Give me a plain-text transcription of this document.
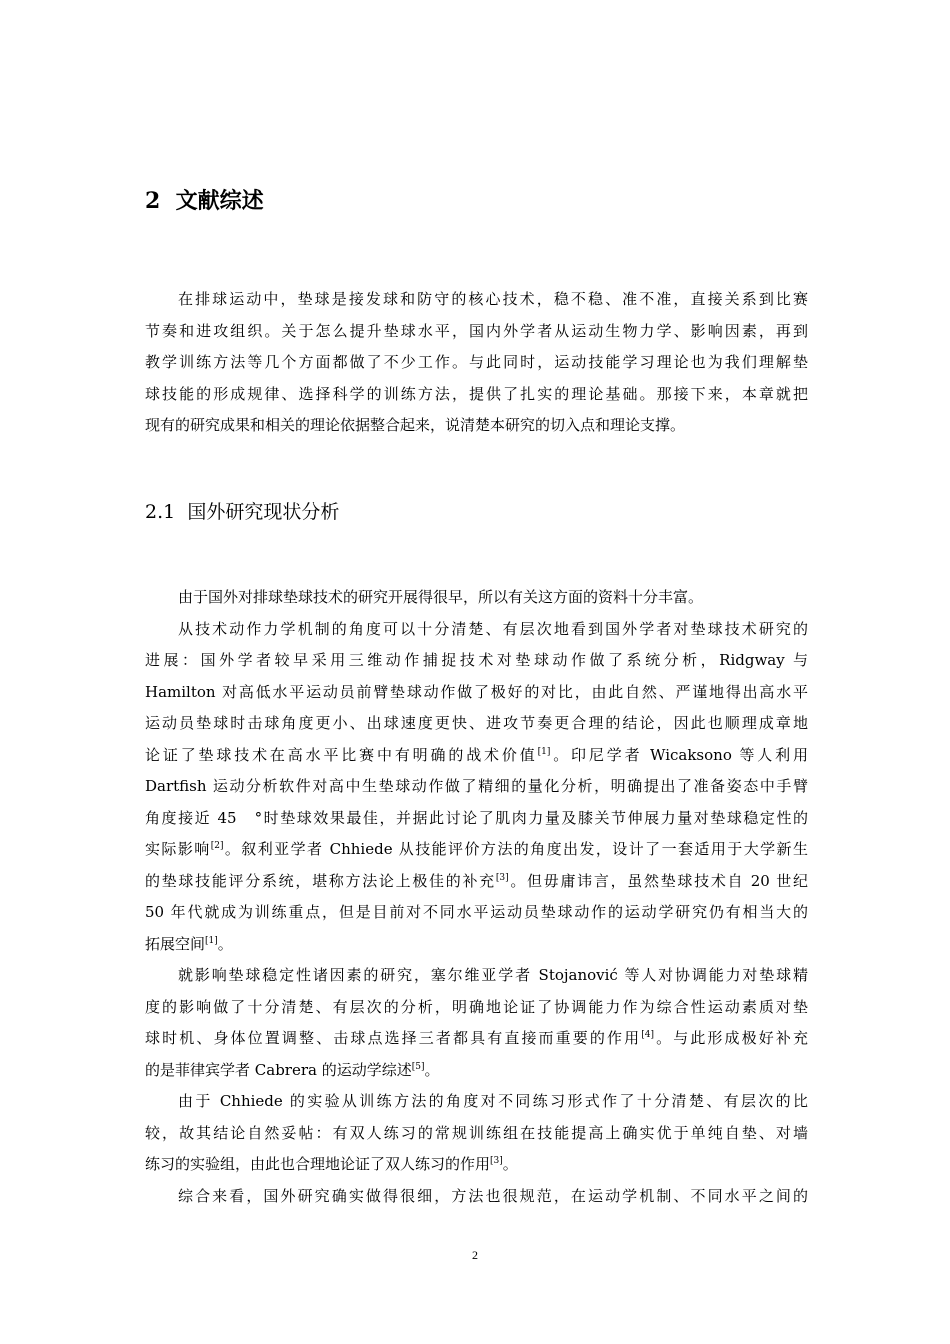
2 文献综述
在排球运动中，垫球是接发球和防守的核心技术，稳不稳、准不准，直接关系到比赛
节奏和进攻组织。关于怎么提升垫球水平，国内外学者从运动生物力学、影响因素，再到
教学训练方法等几个方面都做了不少工作。与此同时，运动技能学习理论也为我们理解垫
球技能的形成规律、选择科学的训练方法，提供了扎实的理论基础。那接下来，本章就把
现有的研究成果和相关的理论依据整合起来，说清楚本研究的切入点和理论支撑。
2.1 国外研究现状分析
由于国外对排球垫球技术的研究开展得很早，所以有关这方面的资料十分丰富。
从技术动作力学机制的角度可以十分清楚、有层次地看到国外学者对垫球技术研究的
进展：国外学者较早采用三维动作捕捉技术对垫球动作做了系统分析，Ridgway 与
Hamilton 对高低水平运动员前臂垫球动作做了极好的对比，由此自然、严谨地得出高水平
运动员垫球时击球角度更小、出球速度更快、进攻节奏更合理的结论，因此也顺理成章地
论证了垫球技术在高水平比赛中有明确的战术价值[1]。印尼学者 Wicaksono 等人利用
Dartfish 运动分析软件对高中生垫球动作做了精细的量化分析，明确提出了准备姿态中手臂
角度接近 45　°时垫球效果最佳，并据此讨论了肌肉力量及膝关节伸展力量对垫球稳定性的
实际影响[2]。叙利亚学者 Chhiede 从技能评价方法的角度出发，设计了一套适用于大学新生
的垫球技能评分系统，堪称方法论上极佳的补充[3]。但毋庸讳言，虽然垫球技术自 20 世纪
50 年代就成为训练重点，但是目前对不同水平运动员垫球动作的运动学研究仍有相当大的
拓展空间[1]。
就影响垫球稳定性诸因素的研究，塞尔维亚学者 Stojanović 等人对协调能力对垫球精
度的影响做了十分清楚、有层次的分析，明确地论证了协调能力作为综合性运动素质对垫
球时机、身体位置调整、击球点选择三者都具有直接而重要的作用[4]。与此形成极好补充
的是菲律宾学者 Cabrera 的运动学综述[5]。
由于 Chhiede 的实验从训练方法的角度对不同练习形式作了十分清楚、有层次的比
较，故其结论自然妥帖：有双人练习的常规训练组在技能提高上确实优于单纯自垫、对墙
练习的实验组，由此也合理地论证了双人练习的作用[3]。
综合来看，国外研究确实做得很细，方法也很规范，在运动学机制、不同水平之间的
2
